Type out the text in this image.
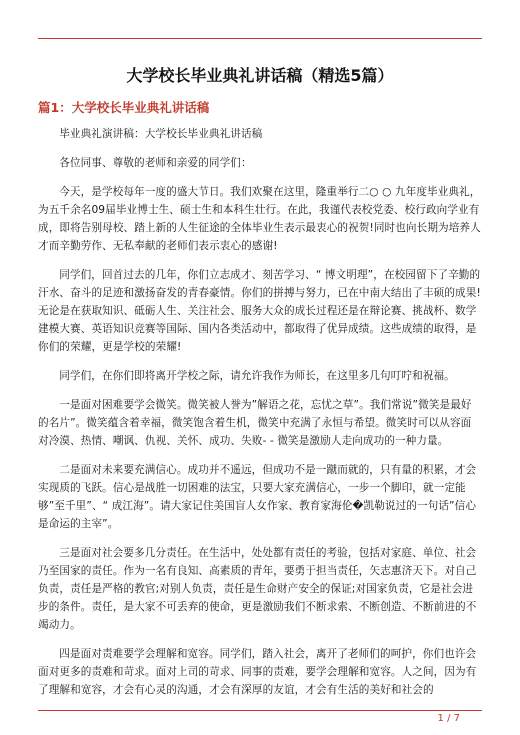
大学校长毕业典礼讲话稿（精选5篇）
篇1：大学校长毕业典礼讲话稿

毕业典礼演讲稿：大学校长毕业典礼讲话稿

各位同事、尊敬的老师和亲爱的同学们：

今天，是学校每年一度的盛大节日。我们欢聚在这里，隆重举行二○ ○ 九年度毕业典礼，为五千余名09届毕业博士生、硕士生和本科生壮行。在此，我谨代表校党委、校行政向学业有成，即将告别母校、踏上新的人生征途的全体毕业生表示最衷心的祝贺!同时也向长期为培养人才而辛勤劳作、无私奉献的老师们表示衷心的感谢!

同学们，回首过去的几年，你们立志成才、刻苦学习、“ 博文明理”，在校园留下了辛勤的汗水、奋斗的足迹和激扬奋发的青春豪情。你们的拼搏与努力，已在中南大结出了丰硕的成果!无论是在获取知识、砥砺人生、关注社会、服务大众的成长过程还是在辩论赛、挑战杯、数学建模大赛、英语知识竞赛等国际、国内各类活动中，都取得了优异成绩。这些成绩的取得，是你们的荣耀，更是学校的荣耀!

同学们，在你们即将离开学校之际，请允许我作为师长，在这里多几句叮咛和祝福。

一是面对困难要学会微笑。微笑被人誉为”解语之花，忘忧之草”。我们常说”微笑是最好的名片”。微笑蕴含着幸福，微笑饱含着生机，微笑中充满了永恒与希望。微笑时可以从容面对冷漠、热情、嘲讽、仇视、关怀、成功、失败- - 微笑是激励人走向成功的一种力量。

二是面对未来要充满信心。成功并不遥远，但成功不是一蹴而就的，只有量的积累，才会实现质的飞跃。信心是战胜一切困难的法宝，只要大家充满信心，一步一个脚印，就一定能够”至千里”、“ 成江海”。请大家记住美国盲人女作家、教育家海伦�凯勒说过的一句话”信心是命运的主宰”。

三是面对社会要多几分责任。在生活中，处处都有责任的考验，包括对家庭、单位、社会乃至国家的责任。作为一名有良知、高素质的青年，要勇于担当责任，矢志惠济天下。对自己负责，责任是严格的教官;对别人负责，责任是生命财产安全的保证;对国家负责，它是社会进步的条件。责任，是大家不可丢弃的使命，更是激励我们不断求索、不断创造、不断前进的不竭动力。

四是面对责难要学会理解和宽容。同学们，踏入社会，离开了老师们的呵护，你们也许会面对更多的责难和苛求。面对上司的苛求、同事的责难，要学会理解和宽容。人之间，因为有了理解和宽容，才会有心灵的沟通，才会有深厚的友谊，才会有生活的美好和社会的

1 / 7
